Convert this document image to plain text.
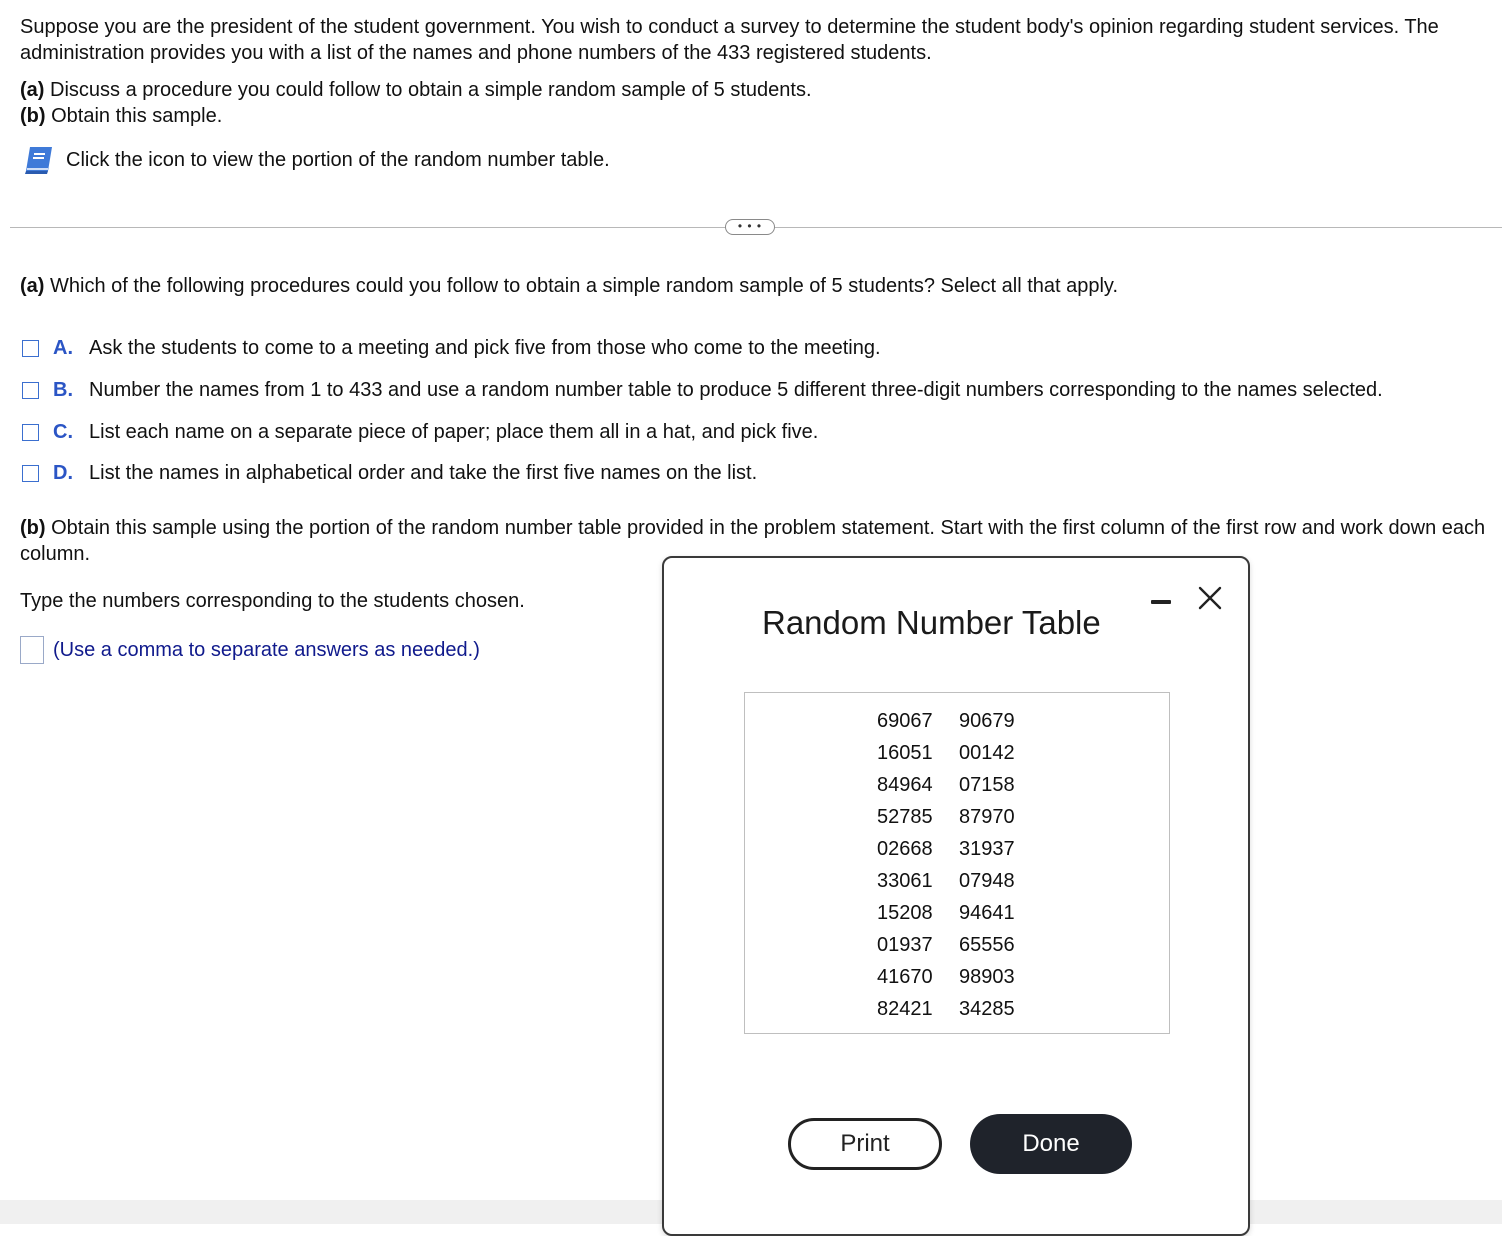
Suppose you are the president of the student government. You wish to conduct a survey to determine the student body's opinion regarding student services. The administration provides you with a list of the names and phone numbers of the 433 registered students.

(a) Discuss a procedure you could follow to obtain a simple random sample of 5 students.
(b) Obtain this sample.
Click the icon to view the portion of the random number table.
• • •

(a) Which of the following procedures could you follow to obtain a simple random sample of 5 students? Select all that apply.

A. Ask the students to come to a meeting and pick five from those who come to the meeting.
B. Number the names from 1 to 433 and use a random number table to produce 5 different three-digit numbers corresponding to the names selected.
C. List each name on a separate piece of paper; place them all in a hat, and pick five.
D. List the names in alphabetical order and take the first five names on the list.

(b) Obtain this sample using the portion of the random number table provided in the problem statement. Start with the first column of the first row and work down each column.

Type the numbers corresponding to the students chosen.

(Use a comma to separate answers as needed.)
Random Number Table
69067	90679
16051	00142
84964	07158
52785	87970
02668	31937
33061	07948
15208	94641
01937	65556
41670	98903
82421	34285
Print	Done
